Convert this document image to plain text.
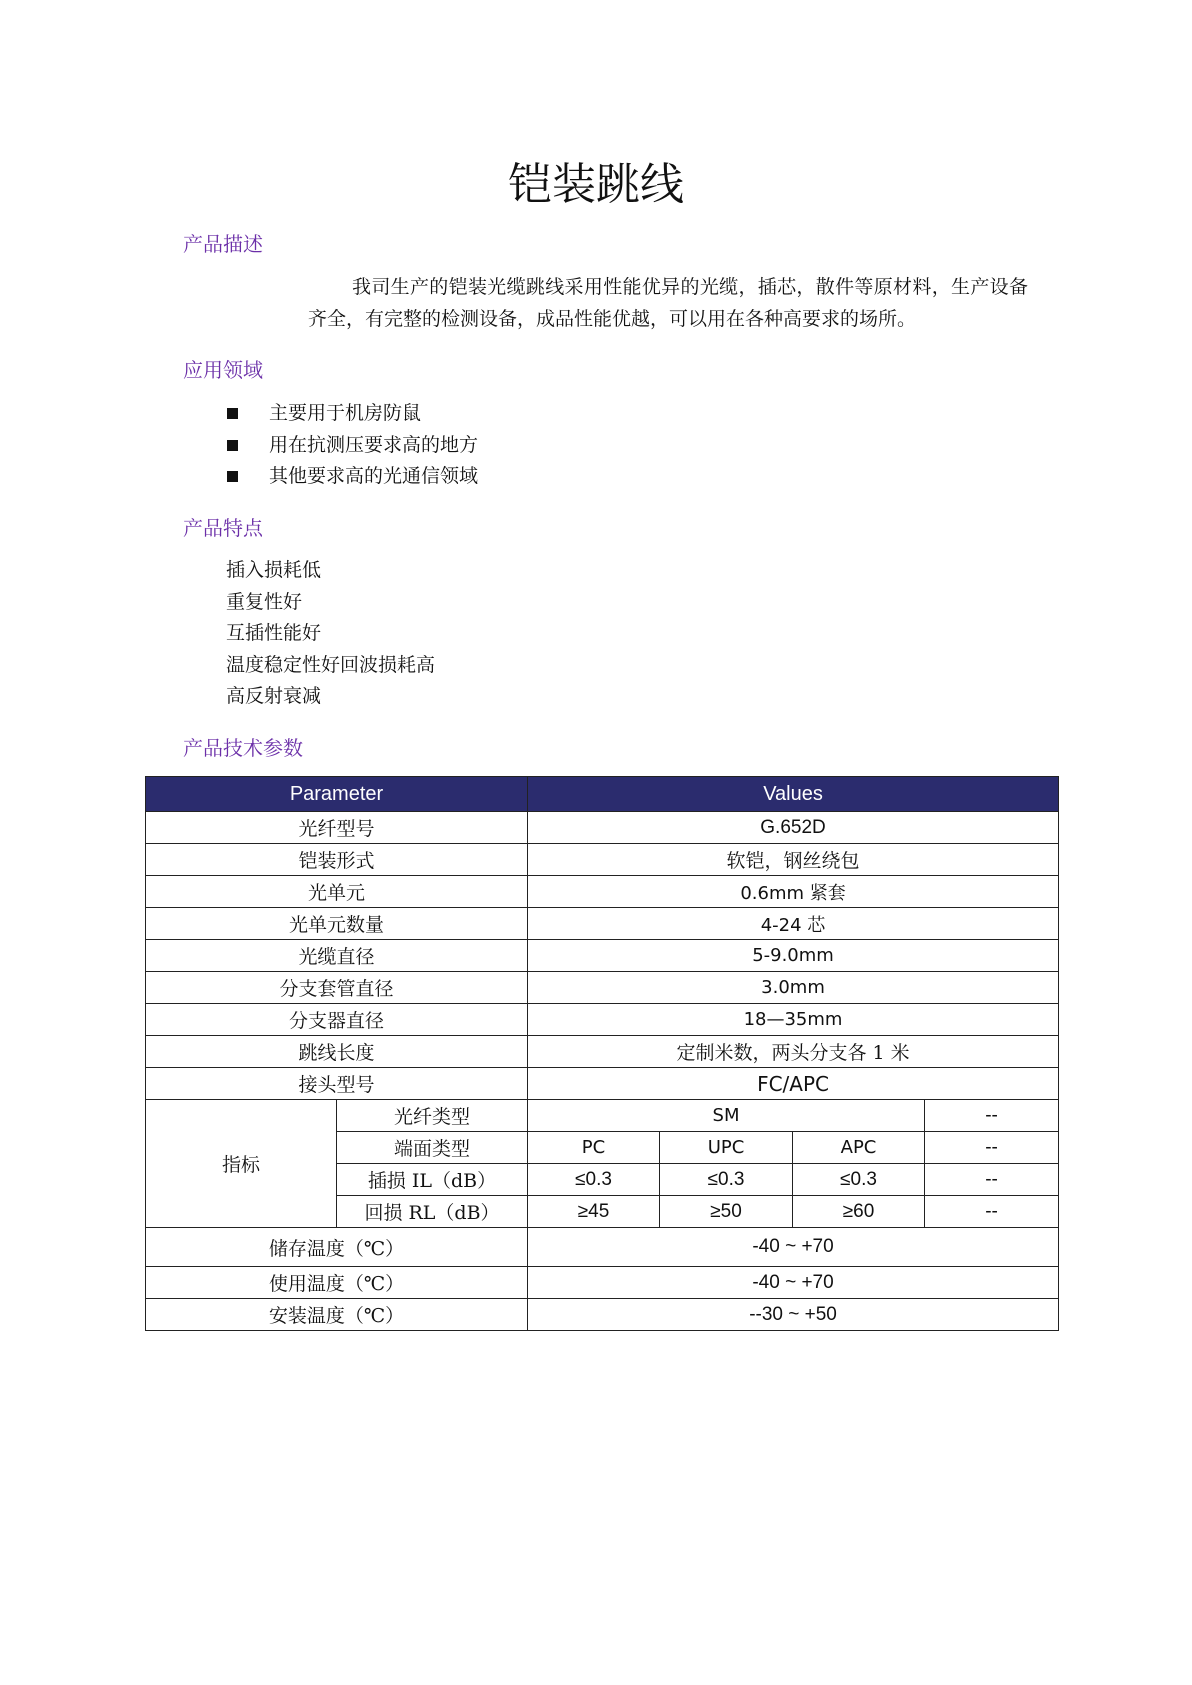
铠装跳线
产品描述

我司生产的铠装光缆跳线采用性能优异的光缆，插芯，散件等原材料，生产设备齐全，有完整的检测设备，成品性能优越，可以用在各种高要求的场所。

应用领域
主要用于机房防鼠
用在抗测压要求高的地方
其他要求高的光通信领域
产品特点
插入损耗低
重复性好
互插性能好
温度稳定性好回波损耗高
高反射衰减
产品技术参数
Parameter		Values			
光纤型号		G.652D			
铠装形式		软铠，钢丝绕包			
光单元		0.6mm 紧套			
光单元数量		4-24 芯			
光缆直径		5-9.0mm			
分支套管直径		3.0mm			
分支器直径		18—35mm			
跳线长度		定制米数，两头分支各 1 米			
接头型号		FC/APC			
指标	光纤类型	SM			--
	端面类型	PC	UPC	APC	--
	插损 IL（dB）	≤0.3	≤0.3	≤0.3	--
	回损 RL（dB）	≥45	≥50	≥60	--
储存温度（℃）		-40 ~ +70			
使用温度（℃）		-40 ~ +70			
安装温度（℃）		--30 ~ +50			
